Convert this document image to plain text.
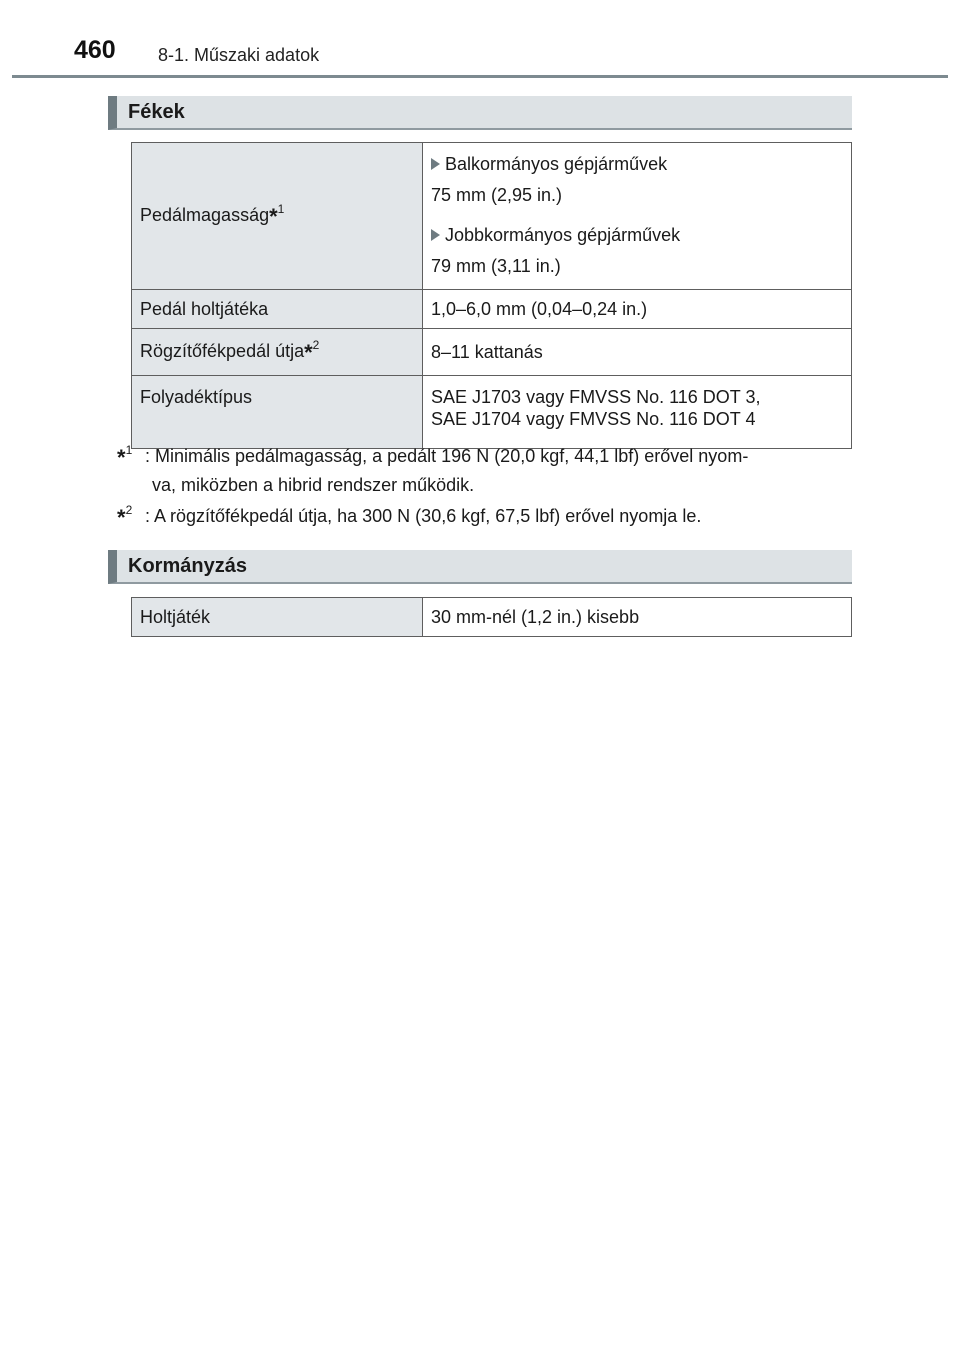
460 8-1. Műszaki adatok
Fékek
Pedálmagasság*$^1$	Balkormányos gépjárművek
75 mm (2,95 in.)
Jobbkormányos gépjárművek
79 mm (3,11 in.)

Pedál holtjátéka	1,0–6,0 mm (0,04–0,24 in.)
Rögzítőfékpedál útja*$^2$	8–11 kattanás
Folyadéktípus	SAE J1703 vagy FMVSS No. 116 DOT 3,
SAE J1704 vagy FMVSS No. 116 DOT 4
*$^1$ : Minimális pedálmagasság, a pedált 196 N (20,0 kgf, 44,1 lbf) erővel nyom-
va, miközben a hibrid rendszer működik.
*$^2$ : A rögzítőfékpedál útja, ha 300 N (30,6 kgf, 67,5 lbf) erővel nyomja le.
Kormányzás
Holtjáték	30 mm-nél (1,2 in.) kisebb
